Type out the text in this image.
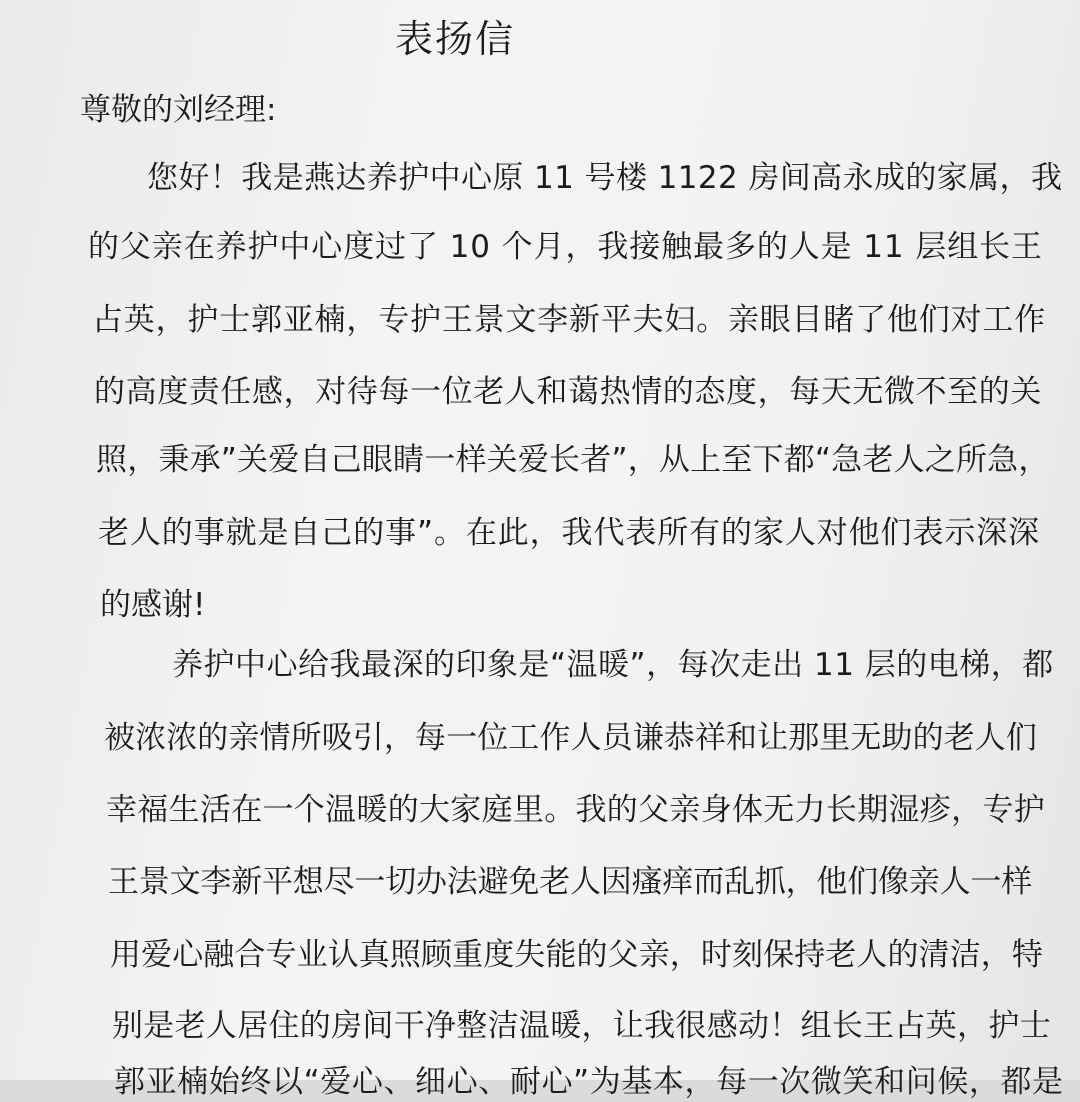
表扬信
尊敬的刘经理:
您好！我是燕达养护中心原 11 号楼 1122 房间高永成的家属，我
的父亲在养护中心度过了 10 个月，我接触最多的人是 11 层组长王
占英，护士郭亚楠，专护王景文李新平夫妇。亲眼目睹了他们对工作
的高度责任感，对待每一位老人和蔼热情的态度，每天无微不至的关
照，秉承”关爱自己眼睛一样关爱长者”，从上至下都“急老人之所急，
老人的事就是自己的事”。在此，我代表所有的家人对他们表示深深
的感谢!
养护中心给我最深的印象是“温暖”，每次走出 11 层的电梯，都
被浓浓的亲情所吸引，每一位工作人员谦恭祥和让那里无助的老人们
幸福生活在一个温暖的大家庭里。我的父亲身体无力长期湿疹，专护
王景文李新平想尽一切办法避免老人因瘙痒而乱抓，他们像亲人一样
用爱心融合专业认真照顾重度失能的父亲，时刻保持老人的清洁，特
别是老人居住的房间干净整洁温暖，让我很感动！组长王占英，护士
郭亚楠始终以“爱心、细心、耐心”为基本，每一次微笑和问候，都是
